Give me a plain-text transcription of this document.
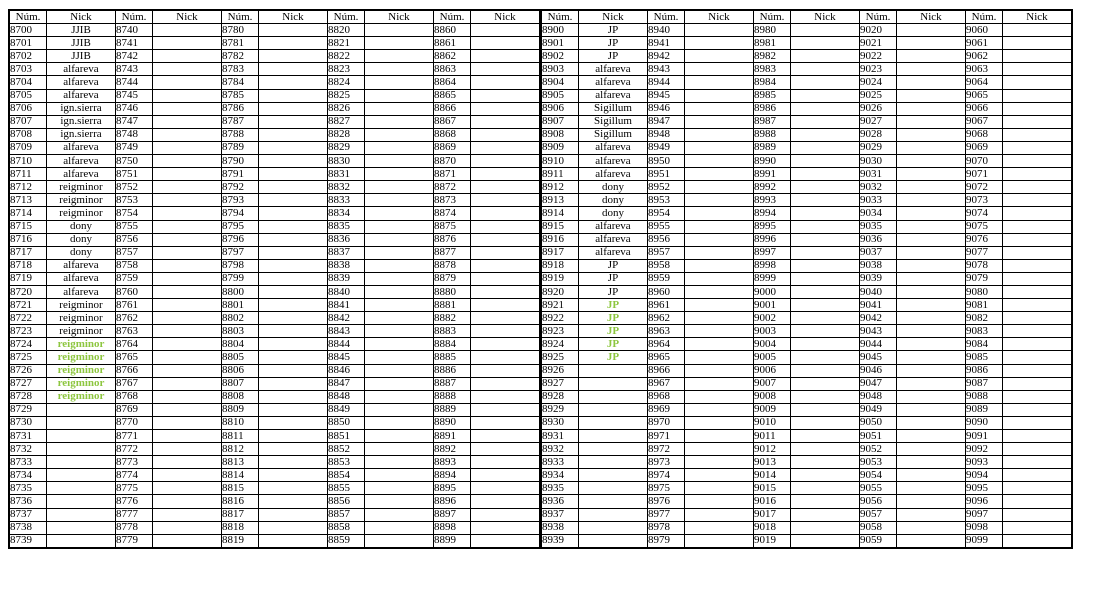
Núm.	Nick	Núm.	Nick	Núm.	Nick	Núm.	Nick	Núm.	Nick
8700	JJIB	8740		8780		8820		8860	
8701	JJIB	8741		8781		8821		8861	
8702	JJIB	8742		8782		8822		8862	
8703	alfareva	8743		8783		8823		8863	
8704	alfareva	8744		8784		8824		8864	
8705	alfareva	8745		8785		8825		8865	
8706	ign.sierra	8746		8786		8826		8866	
8707	ign.sierra	8747		8787		8827		8867	
8708	ign.sierra	8748		8788		8828		8868	
8709	alfareva	8749		8789		8829		8869	
8710	alfareva	8750		8790		8830		8870	
8711	alfareva	8751		8791		8831		8871	
8712	reigminor	8752		8792		8832		8872	
8713	reigminor	8753		8793		8833		8873	
8714	reigminor	8754		8794		8834		8874	
8715	dony	8755		8795		8835		8875	
8716	dony	8756		8796		8836		8876	
8717	dony	8757		8797		8837		8877	
8718	alfareva	8758		8798		8838		8878	
8719	alfareva	8759		8799		8839		8879	
8720	alfareva	8760		8800		8840		8880	
8721	reigminor	8761		8801		8841		8881	
8722	reigminor	8762		8802		8842		8882	
8723	reigminor	8763		8803		8843		8883	
8724	reigminor	8764		8804		8844		8884	
8725	reigminor	8765		8805		8845		8885	
8726	reigminor	8766		8806		8846		8886	
8727	reigminor	8767		8807		8847		8887	
8728	reigminor	8768		8808		8848		8888	
8729		8769		8809		8849		8889	
8730		8770		8810		8850		8890	
8731		8771		8811		8851		8891	
8732		8772		8812		8852		8892	
8733		8773		8813		8853		8893	
8734		8774		8814		8854		8894	
8735		8775		8815		8855		8895	
8736		8776		8816		8856		8896	
8737		8777		8817		8857		8897	
8738		8778		8818		8858		8898	
8739		8779		8819		8859		8899	
Núm.	Nick	Núm.	Nick	Núm.	Nick	Núm.	Nick	Núm.	Nick
8900	JP	8940		8980		9020		9060	
8901	JP	8941		8981		9021		9061	
8902	JP	8942		8982		9022		9062	
8903	alfareva	8943		8983		9023		9063	
8904	alfareva	8944		8984		9024		9064	
8905	alfareva	8945		8985		9025		9065	
8906	Sigillum	8946		8986		9026		9066	
8907	Sigillum	8947		8987		9027		9067	
8908	Sigillum	8948		8988		9028		9068	
8909	alfareva	8949		8989		9029		9069	
8910	alfareva	8950		8990		9030		9070	
8911	alfareva	8951		8991		9031		9071	
8912	dony	8952		8992		9032		9072	
8913	dony	8953		8993		9033		9073	
8914	dony	8954		8994		9034		9074	
8915	alfareva	8955		8995		9035		9075	
8916	alfareva	8956		8996		9036		9076	
8917	alfareva	8957		8997		9037		9077	
8918	JP	8958		8998		9038		9078	
8919	JP	8959		8999		9039		9079	
8920	JP	8960		9000		9040		9080	
8921	JP	8961		9001		9041		9081	
8922	JP	8962		9002		9042		9082	
8923	JP	8963		9003		9043		9083	
8924	JP	8964		9004		9044		9084	
8925	JP	8965		9005		9045		9085	
8926		8966		9006		9046		9086	
8927		8967		9007		9047		9087	
8928		8968		9008		9048		9088	
8929		8969		9009		9049		9089	
8930		8970		9010		9050		9090	
8931		8971		9011		9051		9091	
8932		8972		9012		9052		9092	
8933		8973		9013		9053		9093	
8934		8974		9014		9054		9094	
8935		8975		9015		9055		9095	
8936		8976		9016		9056		9096	
8937		8977		9017		9057		9097	
8938		8978		9018		9058		9098	
8939		8979		9019		9059		9099	
